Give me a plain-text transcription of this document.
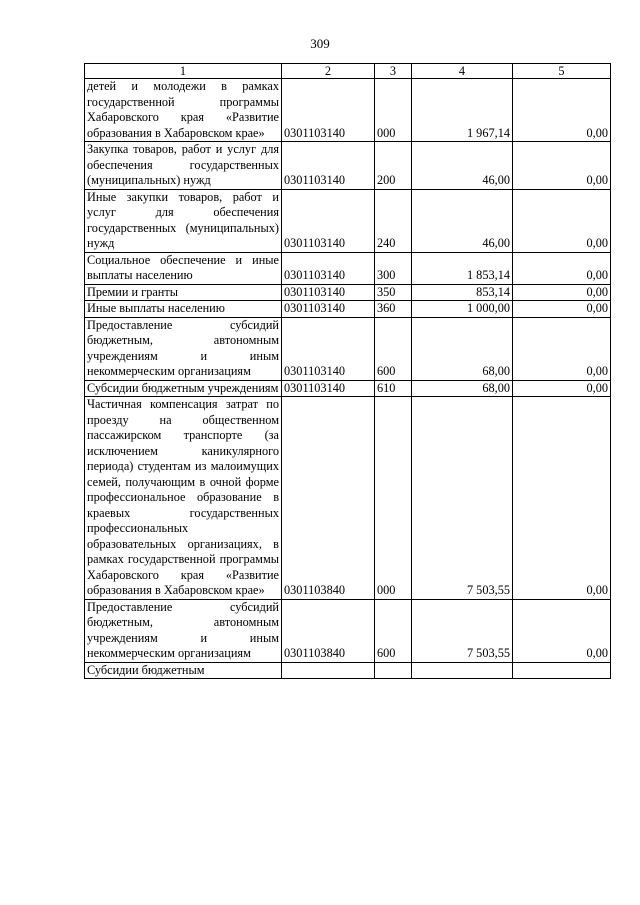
309
1	2	3	4	5
детей и молодежи в рамках государственной программы Хабаровского края «Развитие образования в Хабаровском крае»	0301103140	000	1 967,14	0,00
Закупка товаров, работ и услуг для обеспечения государственных (муниципальных) нужд	0301103140	200	46,00	0,00
Иные закупки товаров, работ и услуг для обеспечения государственных (муниципальных) нужд	0301103140	240	46,00	0,00
Социальное обеспечение и иные выплаты населению	0301103140	300	1 853,14	0,00
Премии и гранты	0301103140	350	853,14	0,00
Иные выплаты населению	0301103140	360	1 000,00	0,00
Предоставление субсидий бюджетным, автономным учреждениям и иным некоммерческим организациям	0301103140	600	68,00	0,00
Субсидии бюджетным учреждениям	0301103140	610	68,00	0,00
Частичная компенсация затрат по проезду на общественном пассажирском транспорте (за исключением каникулярного периода) студентам из малоимущих семей, получающим в очной форме профессиональное образование в краевых государственных профессиональных образовательных организациях, в рамках государственной программы Хабаровского края «Развитие образования в Хабаровском крае»	0301103840	000	7 503,55	0,00
Предоставление субсидий бюджетным, автономным учреждениям и иным некоммерческим организациям	0301103840	600	7 503,55	0,00
Субсидии бюджетным				
